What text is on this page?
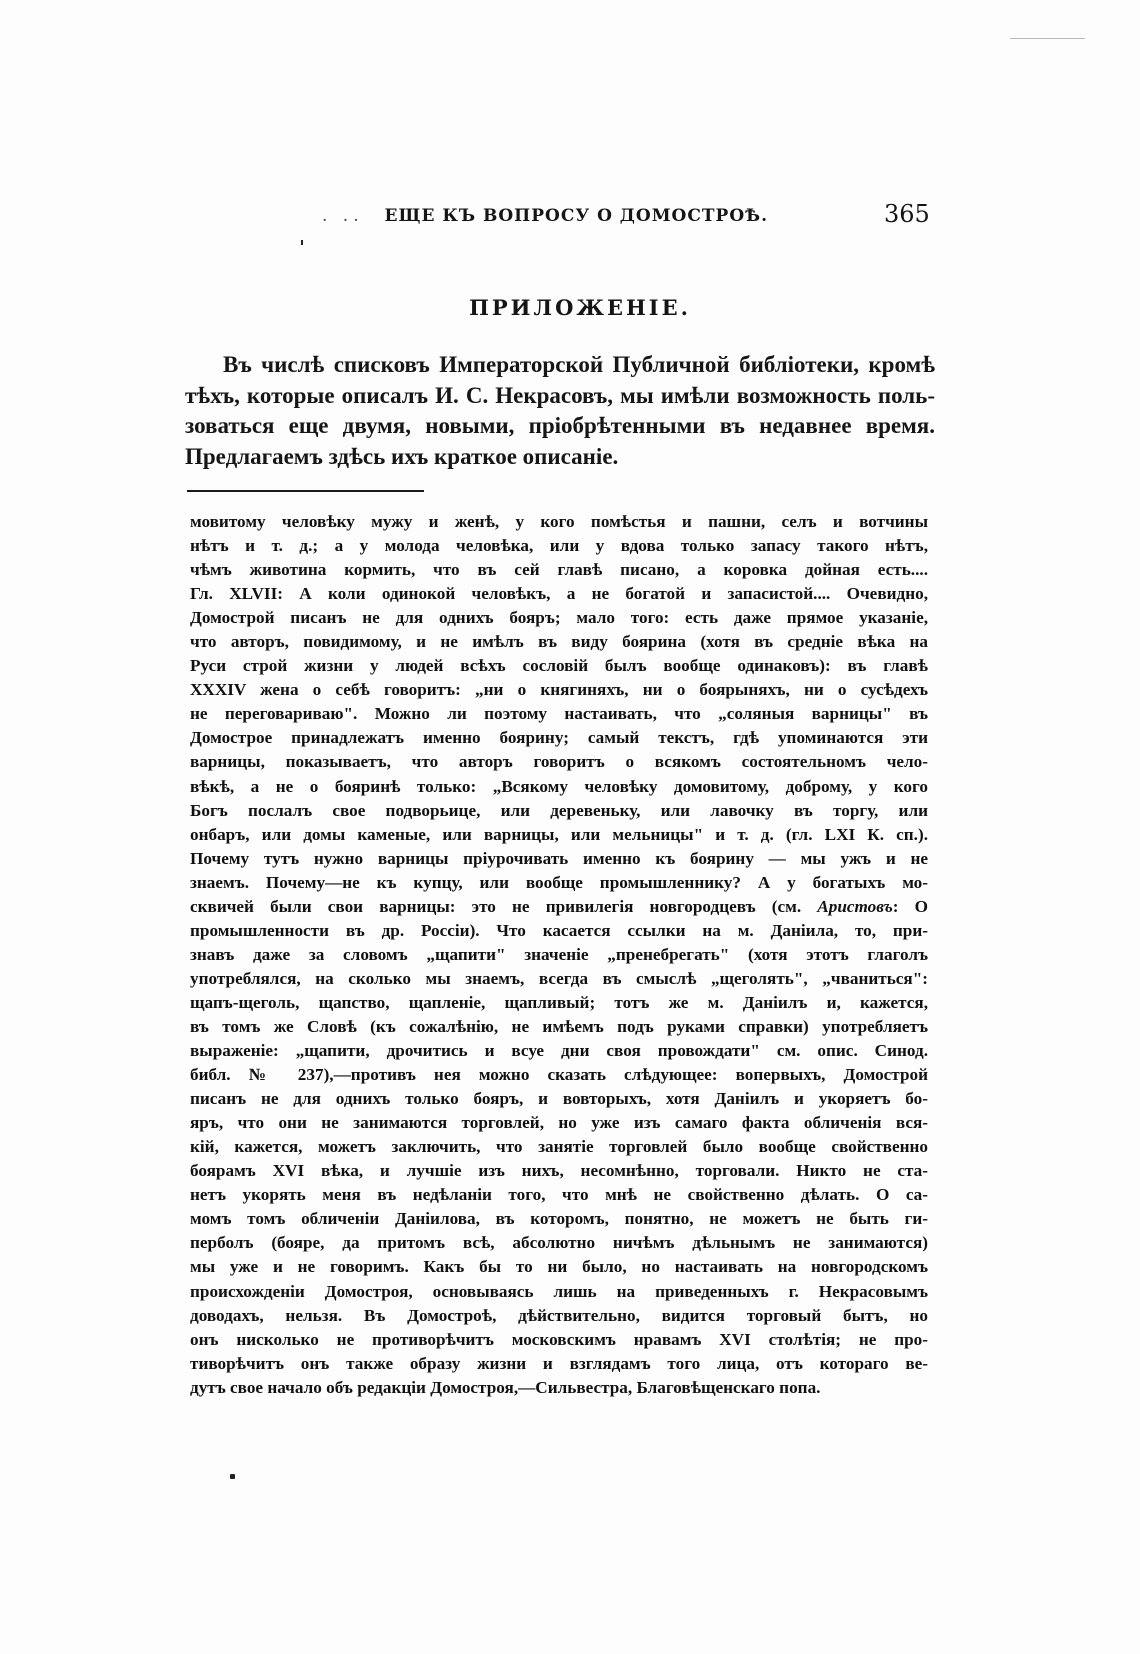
. .. ЕЩЕ КЪ ВОПРОСУ О ДОМОСТРОѢ.	365
ПРИЛОЖЕНІЕ.
Въ числѣ списковъ Императорской Публичной библіотеки, кромѣ
тѣхъ, которые описалъ И. С. Некрасовъ, мы имѣли возможность поль-
зоваться еще двумя, новыми, пріобрѣтенными въ недавнее время.
Предлагаемъ здѣсь ихъ краткое описаніе.
мовитому человѣку мужу и женѣ, у кого помѣстья и пашни, селъ и вотчины
нѣтъ и т. д.; а у молода человѣка, или у вдова только запасу такого нѣтъ,
чѣмъ животина кормить, что въ сей главѣ писано, а коровка дойная есть....
Гл. XLVII: А коли одинокой человѣкъ, а не богатой и запасистой.... Очевидно,
Домострой писанъ не для однихъ бояръ; мало того: есть даже прямое указаніе,
что авторъ, повидимому, и не имѣлъ въ виду боярина (хотя въ средніе вѣка на
Руси строй жизни у людей всѣхъ сословій былъ вообще одинаковъ): въ главѣ
XXXIV жена о себѣ говоритъ: „ни о княгиняхъ, ни о боярыняхъ, ни о сусѣдехъ
не переговариваю". Можно ли поэтому настаивать, что „соляныя варницы" въ
Домострое принадлежатъ именно боярину; самый текстъ, гдѣ упоминаются эти
варницы, показываетъ, что авторъ говоритъ о всякомъ состоятельномъ чело-
вѣкѣ, а не о бояринѣ только: „Всякому человѣку домовитому, доброму, у кого
Богъ послалъ свое подворьице, или деревеньку, или лавочку въ торгу, или
онбаръ, или домы каменые, или варницы, или мельницы" и т. д. (гл. LXI К. сп.).
Почему тутъ нужно варницы пріурочивать именно къ боярину — мы ужъ и не
знаемъ. Почему—не къ купцу, или вообще промышленнику? А у богатыхъ мо-
сквичей были свои варницы: это не привилегія новгородцевъ (см. Аристовъ: О
промышленности въ др. Россіи). Что касается ссылки на м. Даніила, то, при-
знавъ даже за словомъ „щапити" значеніе „пренебрегать" (хотя этотъ глаголъ
употреблялся, на сколько мы знаемъ, всегда въ смыслѣ „щеголять", „чваниться":
щапъ-щеголь, щапство, щапленіе, щапливый; тотъ же м. Даніилъ и, кажется,
въ томъ же Словѣ (къ сожалѣнію, не имѣемъ подъ руками справки) употребляетъ
выраженіе: „щапити, дрочитись и всуе дни своя провождати" см. опис. Синод.
библ. № 237),—противъ нея можно сказать слѣдующее: вопервыхъ, Домострой
писанъ не для однихъ только бояръ, и вовторыхъ, хотя Даніилъ и укоряетъ бо-
яръ, что они не занимаются торговлей, но уже изъ самаго факта обличенія вся-
кій, кажется, можетъ заключить, что занятіе торговлей было вообще свойственно
боярамъ XVI вѣка, и лучшіе изъ нихъ, несомнѣнно, торговали. Никто не ста-
нетъ укорять меня въ недѣланіи того, что мнѣ не свойственно дѣлать. О са-
момъ томъ обличеніи Даніилова, въ которомъ, понятно, не можетъ не быть ги-
перболъ (бояре, да притомъ всѣ, абсолютно ничѣмъ дѣльнымъ не занимаются)
мы уже и не говоримъ. Какъ бы то ни было, но настаивать на новгородскомъ
происхожденіи Домостроя, основываясь лишь на приведенныхъ г. Некрасовымъ
доводахъ, нельзя. Въ Домостроѣ, дѣйствительно, видится торговый бытъ, но
онъ нисколько не противорѣчитъ московскимъ нравамъ XVI столѣтія; не про-
тиворѣчитъ онъ также образу жизни и взглядамъ того лица, отъ котораго ве-
дутъ свое начало объ редакціи Домостроя,—Сильвестра, Благовѣщенскаго попа.
